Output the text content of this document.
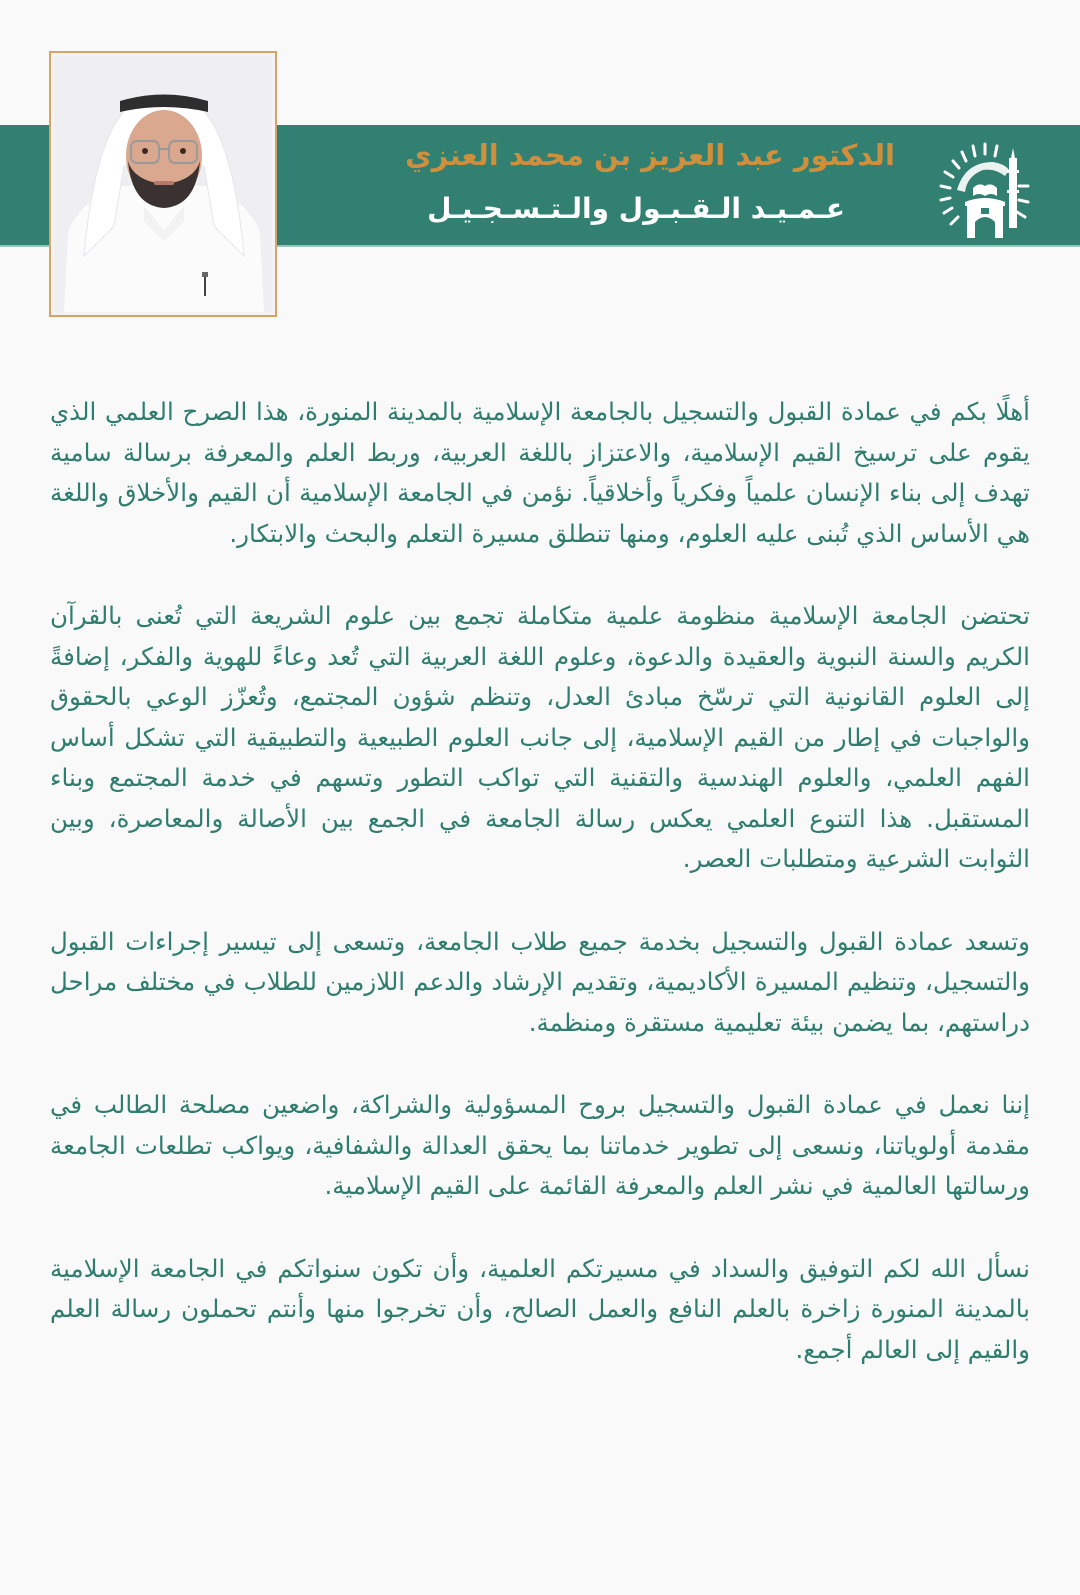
الدكتور عبد العزيز بن محمد العنزي
عـمـيـد الـقـبـول والـتـسـجـيـل

أهلًا بكم في عمادة القبول والتسجيل بالجامعة الإسلامية بالمدينة المنورة، هذا الصرح العلمي الذي يقوم على ترسيخ القيم الإسلامية، والاعتزاز باللغة العربية، وربط العلم والمعرفة برسالة سامية تهدف إلى بناء الإنسان علمياً وفكرياً وأخلاقياً. نؤمن في الجامعة الإسلامية أن القيم والأخلاق واللغة هي الأساس الذي تُبنى عليه العلوم، ومنها تنطلق مسيرة التعلم والبحث والابتكار.

تحتضن الجامعة الإسلامية منظومة علمية متكاملة تجمع بين علوم الشريعة التي تُعنى بالقرآن الكريم والسنة النبوية والعقيدة والدعوة، وعلوم اللغة العربية التي تُعد وعاءً للهوية والفكر، إضافةً إلى العلوم القانونية التي ترسّخ مبادئ العدل، وتنظم شؤون المجتمع، وتُعزّز الوعي بالحقوق والواجبات في إطار من القيم الإسلامية، إلى جانب العلوم الطبيعية والتطبيقية التي تشكل أساس الفهم العلمي، والعلوم الهندسية والتقنية التي تواكب التطور وتسهم في خدمة المجتمع وبناء المستقبل. هذا التنوع العلمي يعكس رسالة الجامعة في الجمع بين الأصالة والمعاصرة، وبين الثوابت الشرعية ومتطلبات العصر.

وتسعد عمادة القبول والتسجيل بخدمة جميع طلاب الجامعة، وتسعى إلى تيسير إجراءات القبول والتسجيل، وتنظيم المسيرة الأكاديمية، وتقديم الإرشاد والدعم اللازمين للطلاب في مختلف مراحل دراستهم، بما يضمن بيئة تعليمية مستقرة ومنظمة.

إننا نعمل في عمادة القبول والتسجيل بروح المسؤولية والشراكة، واضعين مصلحة الطالب في مقدمة أولوياتنا، ونسعى إلى تطوير خدماتنا بما يحقق العدالة والشفافية، ويواكب تطلعات الجامعة ورسالتها العالمية في نشر العلم والمعرفة القائمة على القيم الإسلامية.

نسأل الله لكم التوفيق والسداد في مسيرتكم العلمية، وأن تكون سنواتكم في الجامعة الإسلامية بالمدينة المنورة زاخرة بالعلم النافع والعمل الصالح، وأن تخرجوا منها وأنتم تحملون رسالة العلم والقيم إلى العالم أجمع.
